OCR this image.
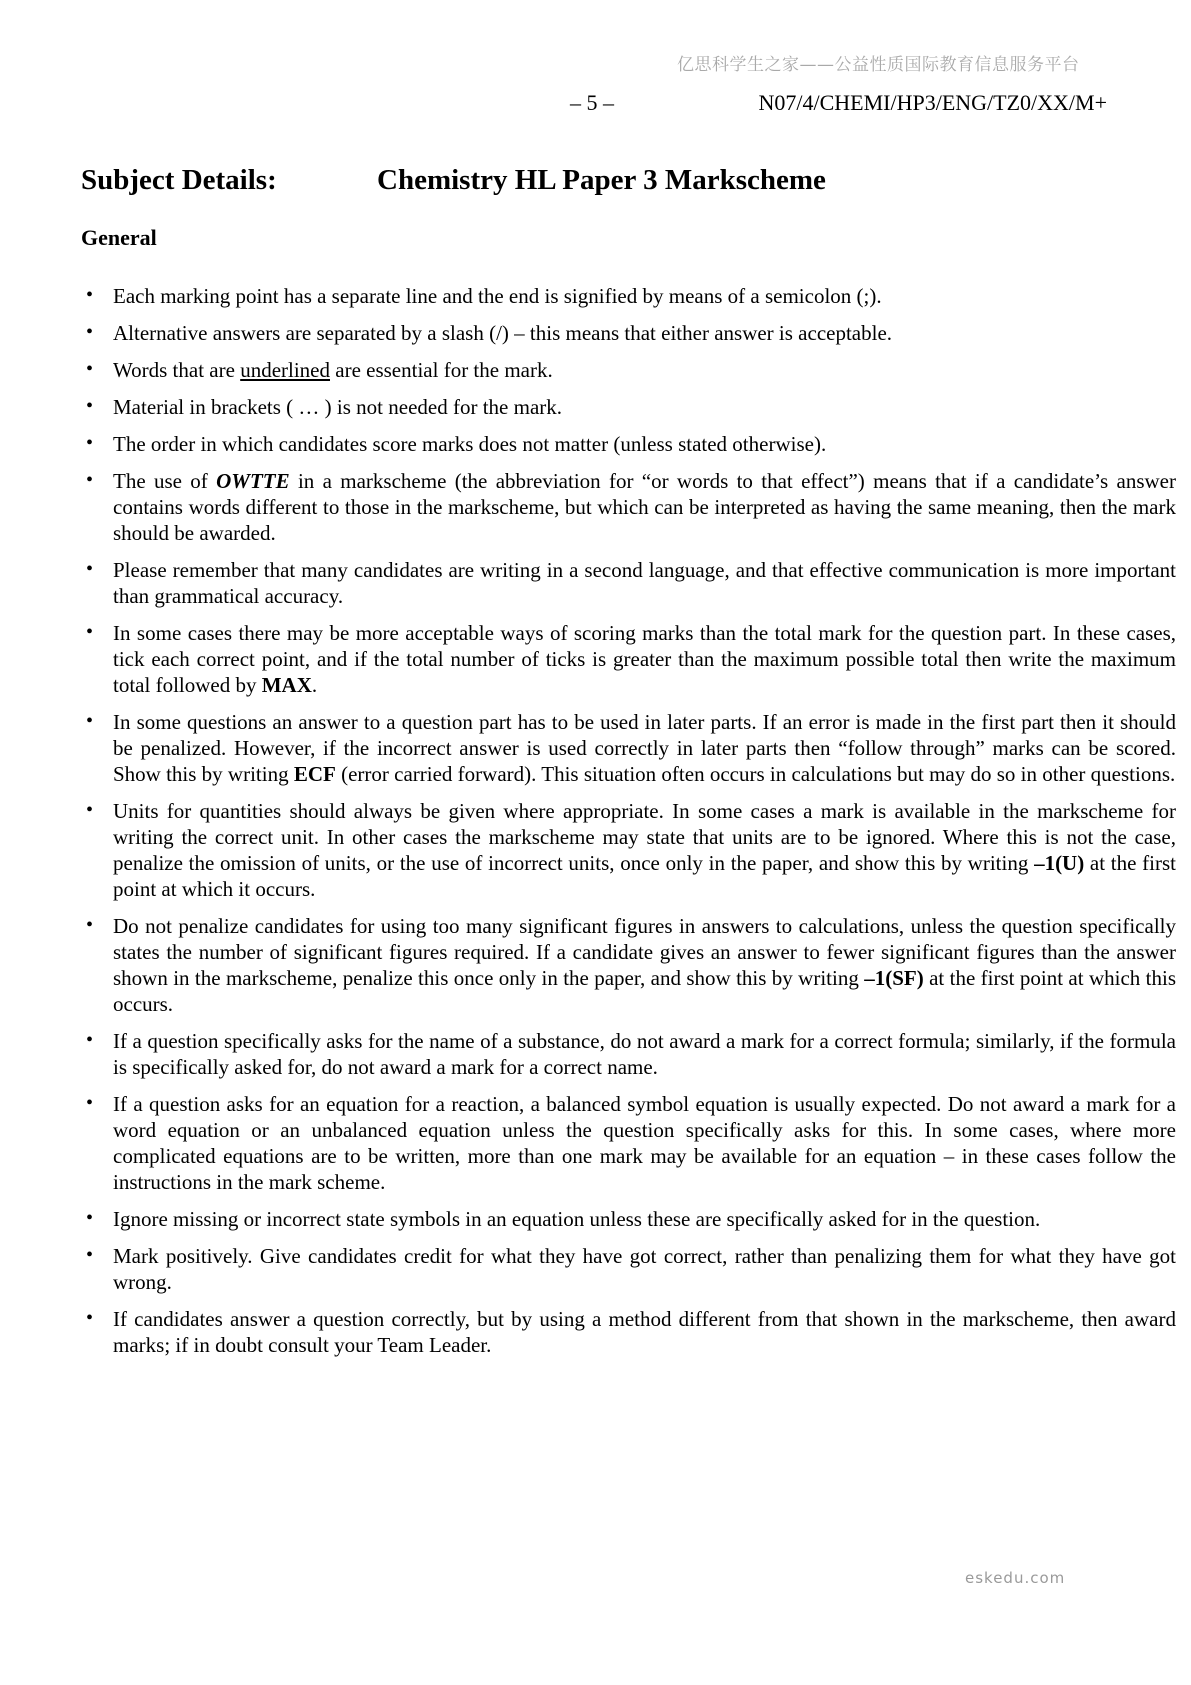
亿思科学生之家——公益性质国际教育信息服务平台
– 5 –	N07/4/CHEMI/HP3/ENG/TZ0/XX/M+
Subject Details:	Chemistry HL Paper 3 Markscheme
General
• Each marking point has a separate line and the end is signified by means of a semicolon (;).
• Alternative answers are separated by a slash (/) – this means that either answer is acceptable.
• Words that are underlined are essential for the mark.
• Material in brackets ( … ) is not needed for the mark.
• The order in which candidates score marks does not matter (unless stated otherwise).
• The use of OWTTE in a markscheme (the abbreviation for “or words to that effect”) means that if a candidate’s answer contains words different to those in the markscheme, but which can be interpreted as having the same meaning, then the mark should be awarded.
• Please remember that many candidates are writing in a second language, and that effective communication is more important than grammatical accuracy.
• In some cases there may be more acceptable ways of scoring marks than the total mark for the question part. In these cases, tick each correct point, and if the total number of ticks is greater than the maximum possible total then write the maximum total followed by MAX.
• In some questions an answer to a question part has to be used in later parts. If an error is made in the first part then it should be penalized. However, if the incorrect answer is used correctly in later parts then “follow through” marks can be scored. Show this by writing ECF (error carried forward). This situation often occurs in calculations but may do so in other questions.
• Units for quantities should always be given where appropriate. In some cases a mark is available in the markscheme for writing the correct unit. In other cases the markscheme may state that units are to be ignored. Where this is not the case, penalize the omission of units, or the use of incorrect units, once only in the paper, and show this by writing –1(U) at the first point at which it occurs.
• Do not penalize candidates for using too many significant figures in answers to calculations, unless the question specifically states the number of significant figures required. If a candidate gives an answer to fewer significant figures than the answer shown in the markscheme, penalize this once only in the paper, and show this by writing –1(SF) at the first point at which this occurs.
• If a question specifically asks for the name of a substance, do not award a mark for a correct formula; similarly, if the formula is specifically asked for, do not award a mark for a correct name.
• If a question asks for an equation for a reaction, a balanced symbol equation is usually expected. Do not award a mark for a word equation or an unbalanced equation unless the question specifically asks for this. In some cases, where more complicated equations are to be written, more than one mark may be available for an equation – in these cases follow the instructions in the mark scheme.
• Ignore missing or incorrect state symbols in an equation unless these are specifically asked for in the question.
• Mark positively. Give candidates credit for what they have got correct, rather than penalizing them for what they have got wrong.
• If candidates answer a question correctly, but by using a method different from that shown in the markscheme, then award marks; if in doubt consult your Team Leader.
eskedu.com
